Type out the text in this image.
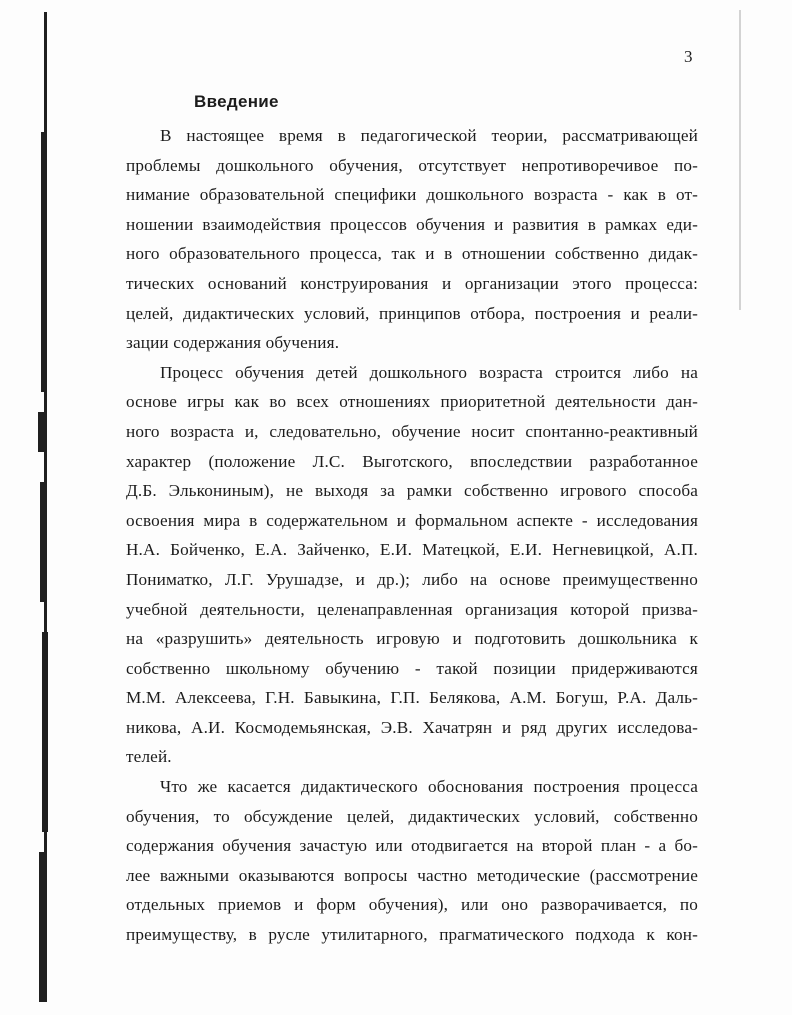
3
Введение
В настоящее время в педагогической теории, рассматривающей
проблемы дошкольного обучения, отсутствует непротиворечивое по-
нимание образовательной специфики дошкольного возраста - как в от-
ношении взаимодействия процессов обучения и развития в рамках еди-
ного образовательного процесса, так и в отношении собственно дидак-
тических оснований конструирования и организации этого процесса:
целей, дидактических условий, принципов отбора, построения и реали-
зации содержания обучения.
Процесс обучения детей дошкольного возраста строится либо на
основе игры как во всех отношениях приоритетной деятельности дан-
ного возраста и, следовательно, обучение носит спонтанно-реактивный
характер (положение Л.С. Выготского, впоследствии разработанное
Д.Б. Элькониным), не выходя за рамки собственно игрового способа
освоения мира в содержательном и формальном аспекте - исследования
Н.А. Бойченко, Е.А. Зайченко, Е.И. Матецкой, Е.И. Негневицкой, А.П.
Пониматко, Л.Г. Урушадзе, и др.); либо на основе преимущественно
учебной деятельности, целенаправленная организация которой призва-
на «разрушить» деятельность игровую и подготовить дошкольника к
собственно школьному обучению - такой позиции придерживаются
М.М. Алексеева, Г.Н. Бавыкина, Г.П. Белякова, А.М. Богуш, Р.А. Даль-
никова, А.И. Космодемьянская, Э.В. Хачатрян и ряд других исследова-
телей.
Что же касается дидактического обоснования построения процесса
обучения, то обсуждение целей, дидактических условий, собственно
содержания обучения зачастую или отодвигается на второй план - а бо-
лее важными оказываются вопросы частно методические (рассмотрение
отдельных приемов и форм обучения), или оно разворачивается, по
преимуществу, в русле утилитарного, прагматического подхода к кон-
